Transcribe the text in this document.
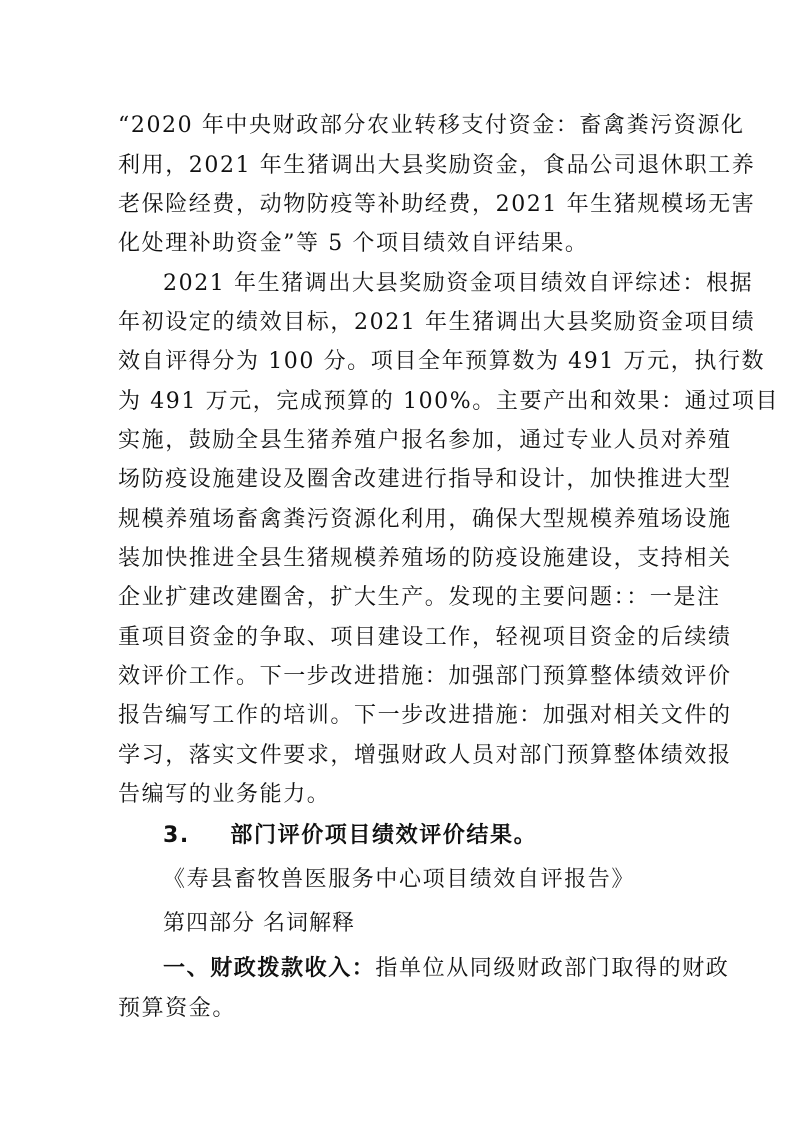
“2020 年中央财政部分农业转移支付资金：畜禽粪污资源化
利用，2021 年生猪调出大县奖励资金，食品公司退休职工养
老保险经费，动物防疫等补助经费，2021 年生猪规模场无害
化处理补助资金”等 5 个项目绩效自评结果。
2021 年生猪调出大县奖励资金项目绩效自评综述：根据
年初设定的绩效目标，2021 年生猪调出大县奖励资金项目绩
效自评得分为 100 分。项目全年预算数为 491 万元，执行数
为 491 万元，完成预算的 100%。主要产出和效果：通过项目
实施，鼓励全县生猪养殖户报名参加，通过专业人员对养殖
场防疫设施建设及圈舍改建进行指导和设计，加快推进大型
规模养殖场畜禽粪污资源化利用，确保大型规模养殖场设施
装加快推进全县生猪规模养殖场的防疫设施建设，支持相关
企业扩建改建圈舍，扩大生产。发现的主要问题：：一是注
重项目资金的争取、项目建设工作，轻视项目资金的后续绩
效评价工作。下一步改进措施：加强部门预算整体绩效评价
报告编写工作的培训。下一步改进措施：加强对相关文件的
学习，落实文件要求，增强财政人员对部门预算整体绩效报
告编写的业务能力。
3. 部门评价项目绩效评价结果。
《寿县畜牧兽医服务中心项目绩效自评报告》
第四部分 名词解释
一、财政拨款收入：指单位从同级财政部门取得的财政
预算资金。
